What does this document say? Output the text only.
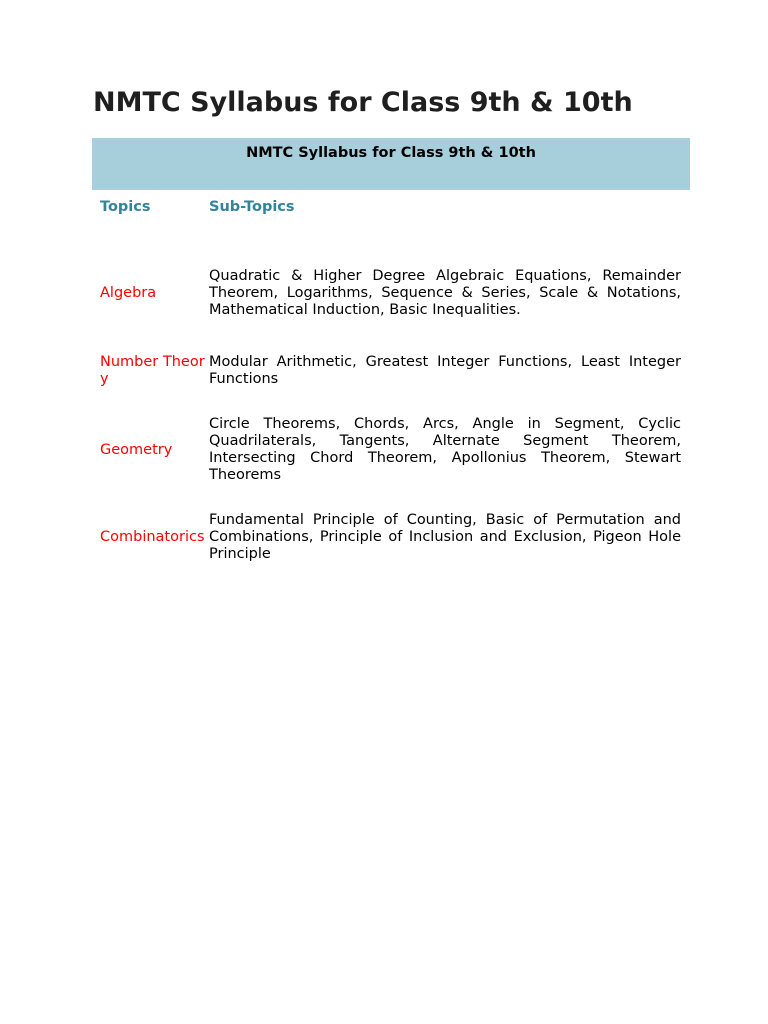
NMTC Syllabus for Class 9th & 10th
NMTC Syllabus for Class 9th & 10th	
Topics	Sub-Topics
Algebra	Quadratic & Higher Degree Algebraic Equations, Remainder Theorem, Logarithms, Sequence & Series, Scale & Notations, Mathematical Induction, Basic Inequalities.
Number Theory	Modular Arithmetic, Greatest Integer Functions, Least Integer Functions
Geometry	Circle Theorems, Chords, Arcs, Angle in Segment, Cyclic Quadrilaterals, Tangents, Alternate Segment Theorem, Intersecting Chord Theorem, Apollonius Theorem, Stewart Theorems
Combinatorics	Fundamental Principle of Counting, Basic of Permutation and Combinations, Principle of Inclusion and Exclusion, Pigeon Hole Principle
